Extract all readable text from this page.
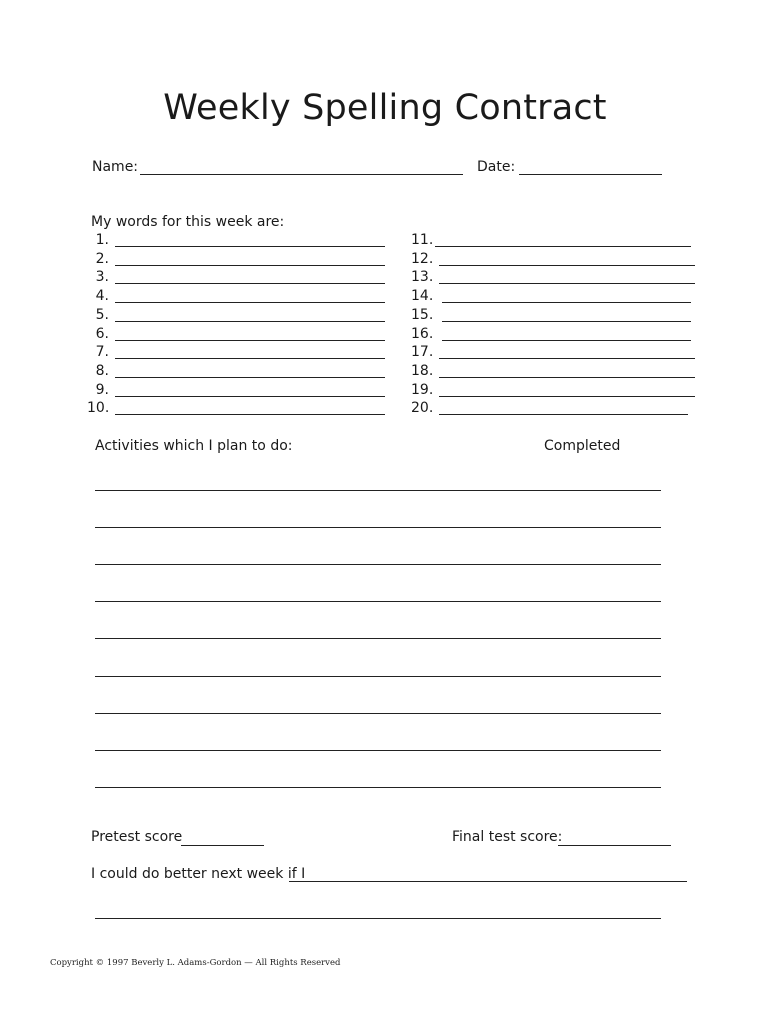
Weekly Spelling Contract
Name:	Date:
My words for this week are:
1.
2.
3.
4.
5.
6.
7.
8.
9.
10.
11.
12.
13.
14.
15.
16.
17.
18.
19.
20.
Activities which I plan to do:	Completed
Pretest score	Final test score:
I could do better next week if I
Copyright © 1997 Beverly L. Adams-Gordon — All Rights Reserved
